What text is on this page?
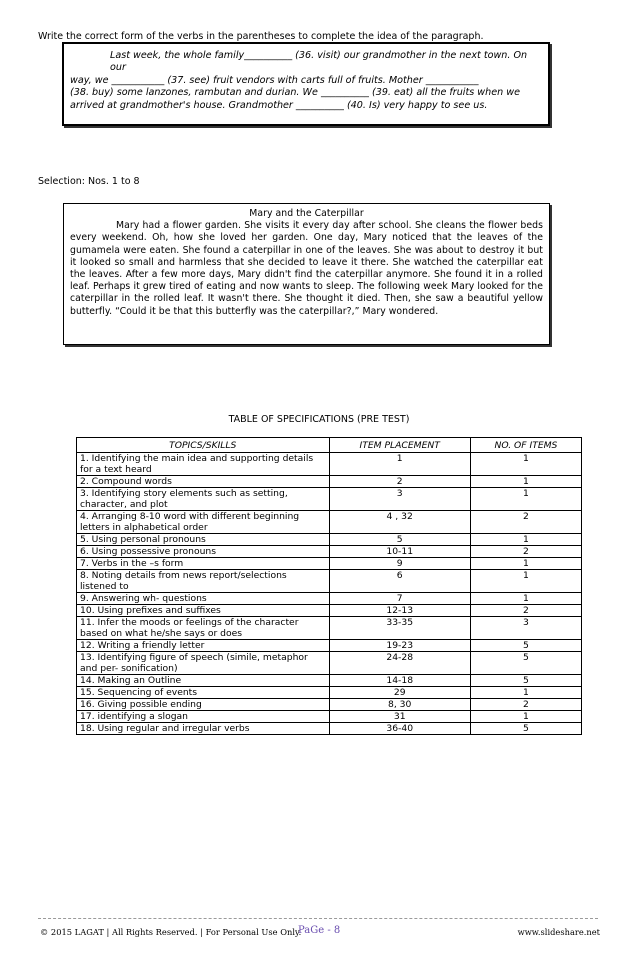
Write the correct form of the verbs in the parentheses to complete the idea of the paragraph.

Last week, the whole family__________ (36. visit) our grandmother in the next town. On our

way, we ___________ (37. see) fruit vendors with carts full of fruits. Mother ___________

(38. buy) some lanzones, rambutan and durian. We __________ (39. eat) all the fruits when we

arrived at grandmother's house. Grandmother __________ (40. Is) very happy to see us.

Selection: Nos. 1 to 8
Mary and the Caterpillar

Mary had a flower garden. She visits it every day after school. She cleans the flower beds every weekend. Oh, how she loved her garden. One day, Mary noticed that the leaves of the gumamela were eaten. She found a caterpillar in one of the leaves. She was about to destroy it but it looked so small and harmless that she decided to leave it there. She watched the caterpillar eat the leaves. After a few more days, Mary didn't find the caterpillar anymore. She found it in a rolled leaf. Perhaps it grew tired of eating and now wants to sleep. The following week Mary looked for the caterpillar in the rolled leaf. It wasn't there. She thought it died. Then, she saw a beautiful yellow butterfly. “Could it be that this butterfly was the caterpillar?,” Mary wondered.

TABLE OF SPECIFICATIONS (PRE TEST)
TOPICS/SKILLS	ITEM PLACEMENT	NO. OF ITEMS
1. Identifying the main idea and supporting details for a text heard	1	1
2. Compound words	2	1
3. Identifying story elements such as setting, character, and plot	3	1
4. Arranging 8-10 word with different beginning letters in alphabetical order	4 , 32	2
5. Using personal pronouns	5	1
6. Using possessive pronouns	10-11	2
7. Verbs in the –s form	9	1
8. Noting details from news report/selections listened to	6	1
9. Answering wh- questions	7	1
10. Using prefixes and suffixes	12-13	2
11. Infer the moods or feelings of the character based on what he/she says or does	33-35	3
12. Writing a friendly letter	19-23	5
13. Identifying figure of speech (simile, metaphor and per- sonification)	24-28	5
14. Making an Outline	14-18	5
15. Sequencing of events	29	1
16. Giving possible ending	8, 30	2
17. identifying a slogan	31	1
18. Using regular and irregular verbs	36-40	5
© 2015 LAGAT | All Rights Reserved. | For Personal Use Only.
PaGe - 8	www.slideshare.net
